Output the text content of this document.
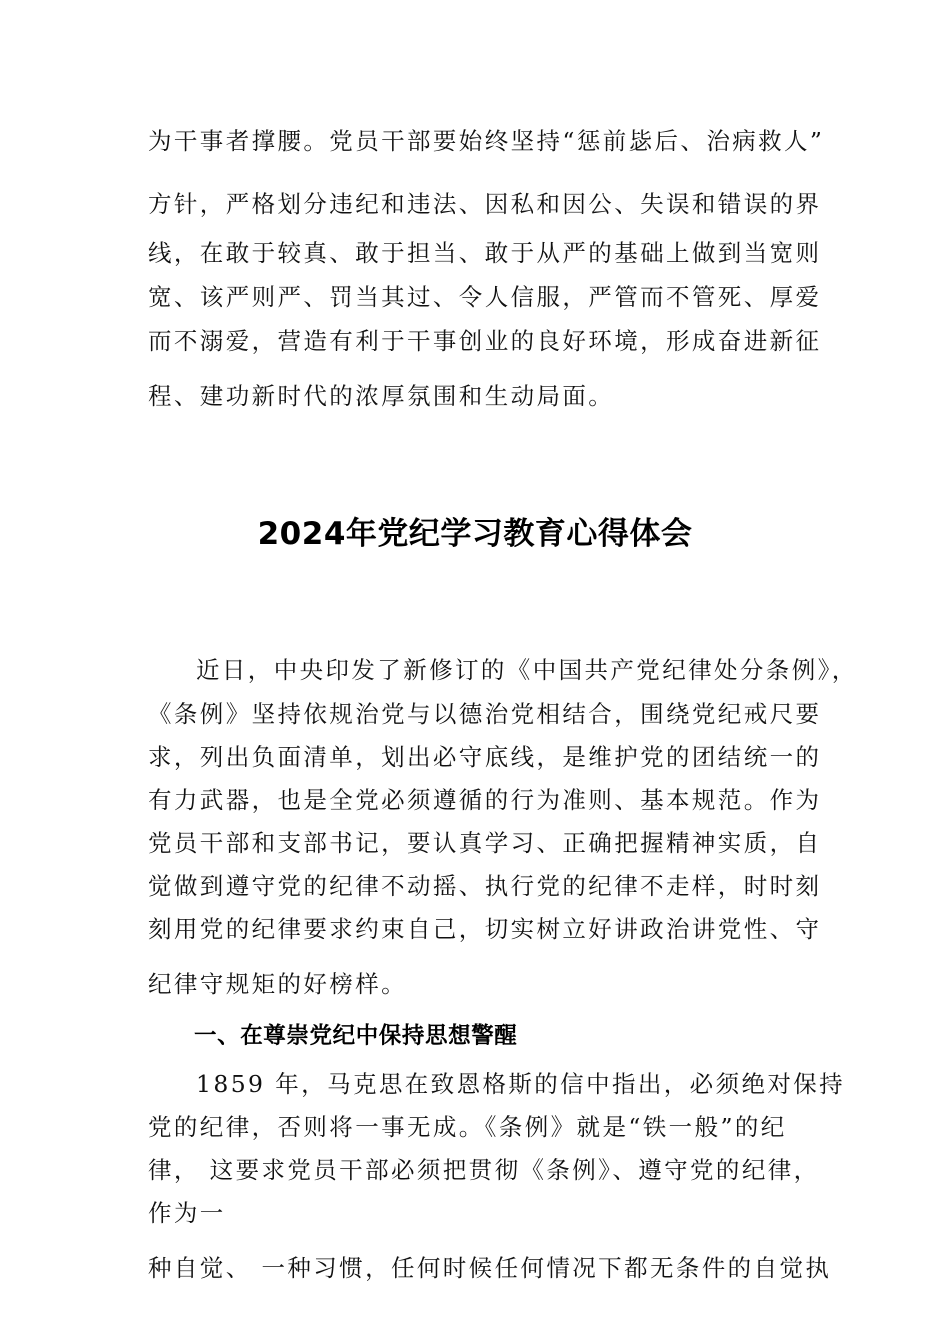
为干事者撑腰。党员干部要始终坚持“惩前毖后、治病救人”
方针，严格划分违纪和违法、因私和因公、失误和错误的界
线，在敢于较真、敢于担当、敢于从严的基础上做到当宽则
宽、该严则严、罚当其过、令人信服，严管而不管死、厚爱
而不溺爱，营造有利于干事创业的良好环境，形成奋进新征
程、建功新时代的浓厚氛围和生动局面。
2024年党纪学习教育心得体会
近日，中央印发了新修订的《中国共产党纪律处分条例》，
《条例》坚持依规治党与以德治党相结合，围绕党纪戒尺要
求，列出负面清单，划出必守底线，是维护党的团结统一的
有力武器，也是全党必须遵循的行为准则、基本规范。作为
党员干部和支部书记，要认真学习、正确把握精神实质，自
觉做到遵守党的纪律不动摇、执行党的纪律不走样，时时刻
刻用党的纪律要求约束自己，切实树立好讲政治讲党性、守
纪律守规矩的好榜样。
一、在尊崇党纪中保持思想警醒
1859 年，马克思在致恩格斯的信中指出，必须绝对保持
党的纪律，否则将一事无成。《条例》就是“铁一般”的纪
律， 这要求党员干部必须把贯彻《条例》、遵守党的纪律，
作为一
种自觉、 一种习惯，任何时候任何情况下都无条件的自觉执
